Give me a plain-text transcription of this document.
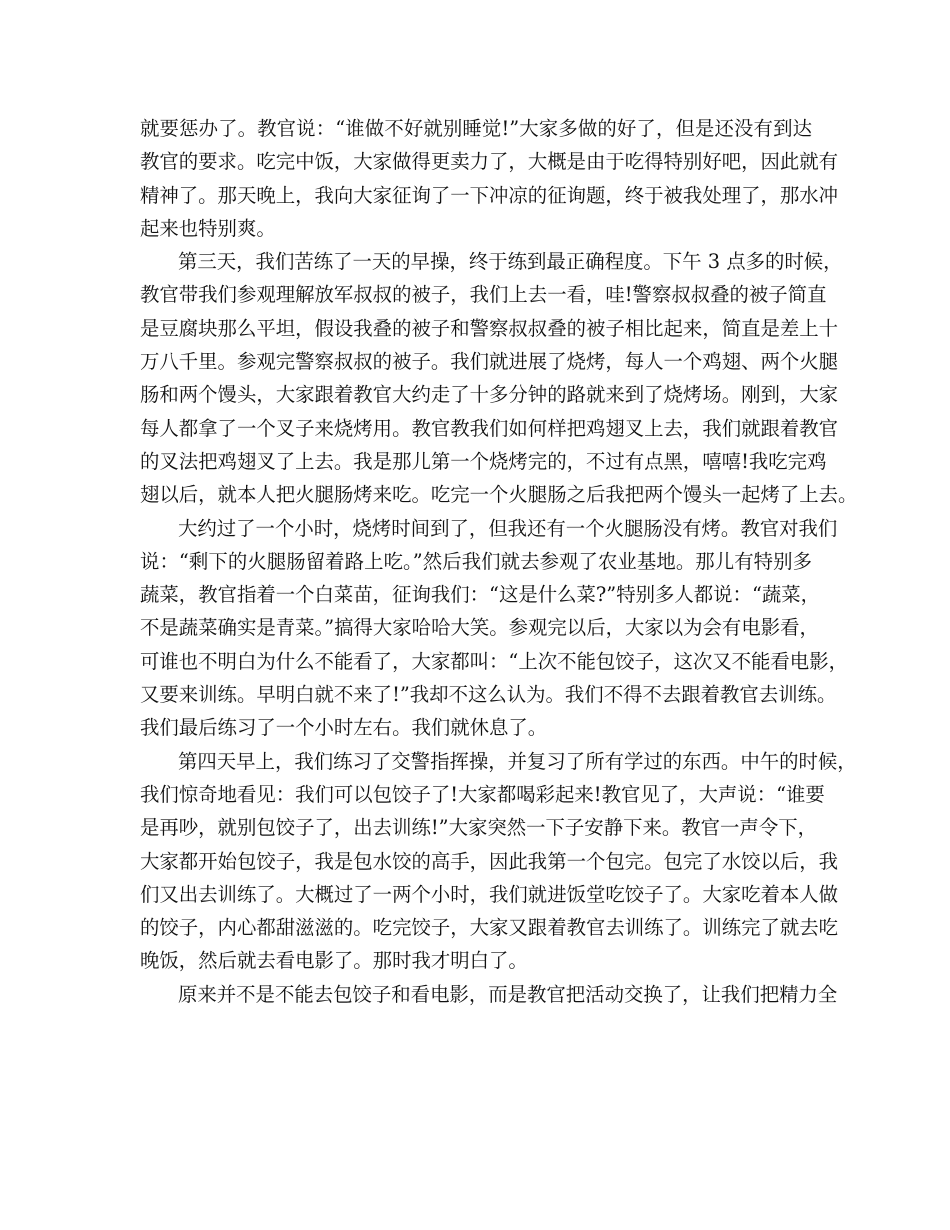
就要惩办了。教官说：“谁做不好就别睡觉!”大家多做的好了，但是还没有到达
教官的要求。吃完中饭，大家做得更卖力了，大概是由于吃得特别好吧，因此就有
精神了。那天晚上，我向大家征询了一下冲凉的征询题，终于被我处理了，那水冲
起来也特别爽。
第三天，我们苦练了一天的早操，终于练到最正确程度。下午 3 点多的时候，
教官带我们参观理解放军叔叔的被子，我们上去一看，哇!警察叔叔叠的被子简直
是豆腐块那么平坦，假设我叠的被子和警察叔叔叠的被子相比起来，简直是差上十
万八千里。参观完警察叔叔的被子。我们就进展了烧烤，每人一个鸡翅、两个火腿
肠和两个馒头，大家跟着教官大约走了十多分钟的路就来到了烧烤场。刚到，大家
每人都拿了一个叉子来烧烤用。教官教我们如何样把鸡翅叉上去，我们就跟着教官
的叉法把鸡翅叉了上去。我是那儿第一个烧烤完的，不过有点黑，嘻嘻!我吃完鸡
翅以后，就本人把火腿肠烤来吃。吃完一个火腿肠之后我把两个馒头一起烤了上去。
大约过了一个小时，烧烤时间到了，但我还有一个火腿肠没有烤。教官对我们
说：“剩下的火腿肠留着路上吃。”然后我们就去参观了农业基地。那儿有特别多
蔬菜，教官指着一个白菜苗，征询我们：“这是什么菜?”特别多人都说：“蔬菜，
不是蔬菜确实是青菜。”搞得大家哈哈大笑。参观完以后，大家以为会有电影看，
可谁也不明白为什么不能看了，大家都叫：“上次不能包饺子，这次又不能看电影，
又要来训练。早明白就不来了!”我却不这么认为。我们不得不去跟着教官去训练。
我们最后练习了一个小时左右。我们就休息了。
第四天早上，我们练习了交警指挥操，并复习了所有学过的东西。中午的时候，
我们惊奇地看见：我们可以包饺子了!大家都喝彩起来!教官见了，大声说：“谁要
是再吵，就别包饺子了，出去训练!”大家突然一下子安静下来。教官一声令下，
大家都开始包饺子，我是包水饺的高手，因此我第一个包完。包完了水饺以后，我
们又出去训练了。大概过了一两个小时，我们就进饭堂吃饺子了。大家吃着本人做
的饺子，内心都甜滋滋的。吃完饺子，大家又跟着教官去训练了。训练完了就去吃
晚饭，然后就去看电影了。那时我才明白了。
原来并不是不能去包饺子和看电影，而是教官把活动交换了，让我们把精力全
